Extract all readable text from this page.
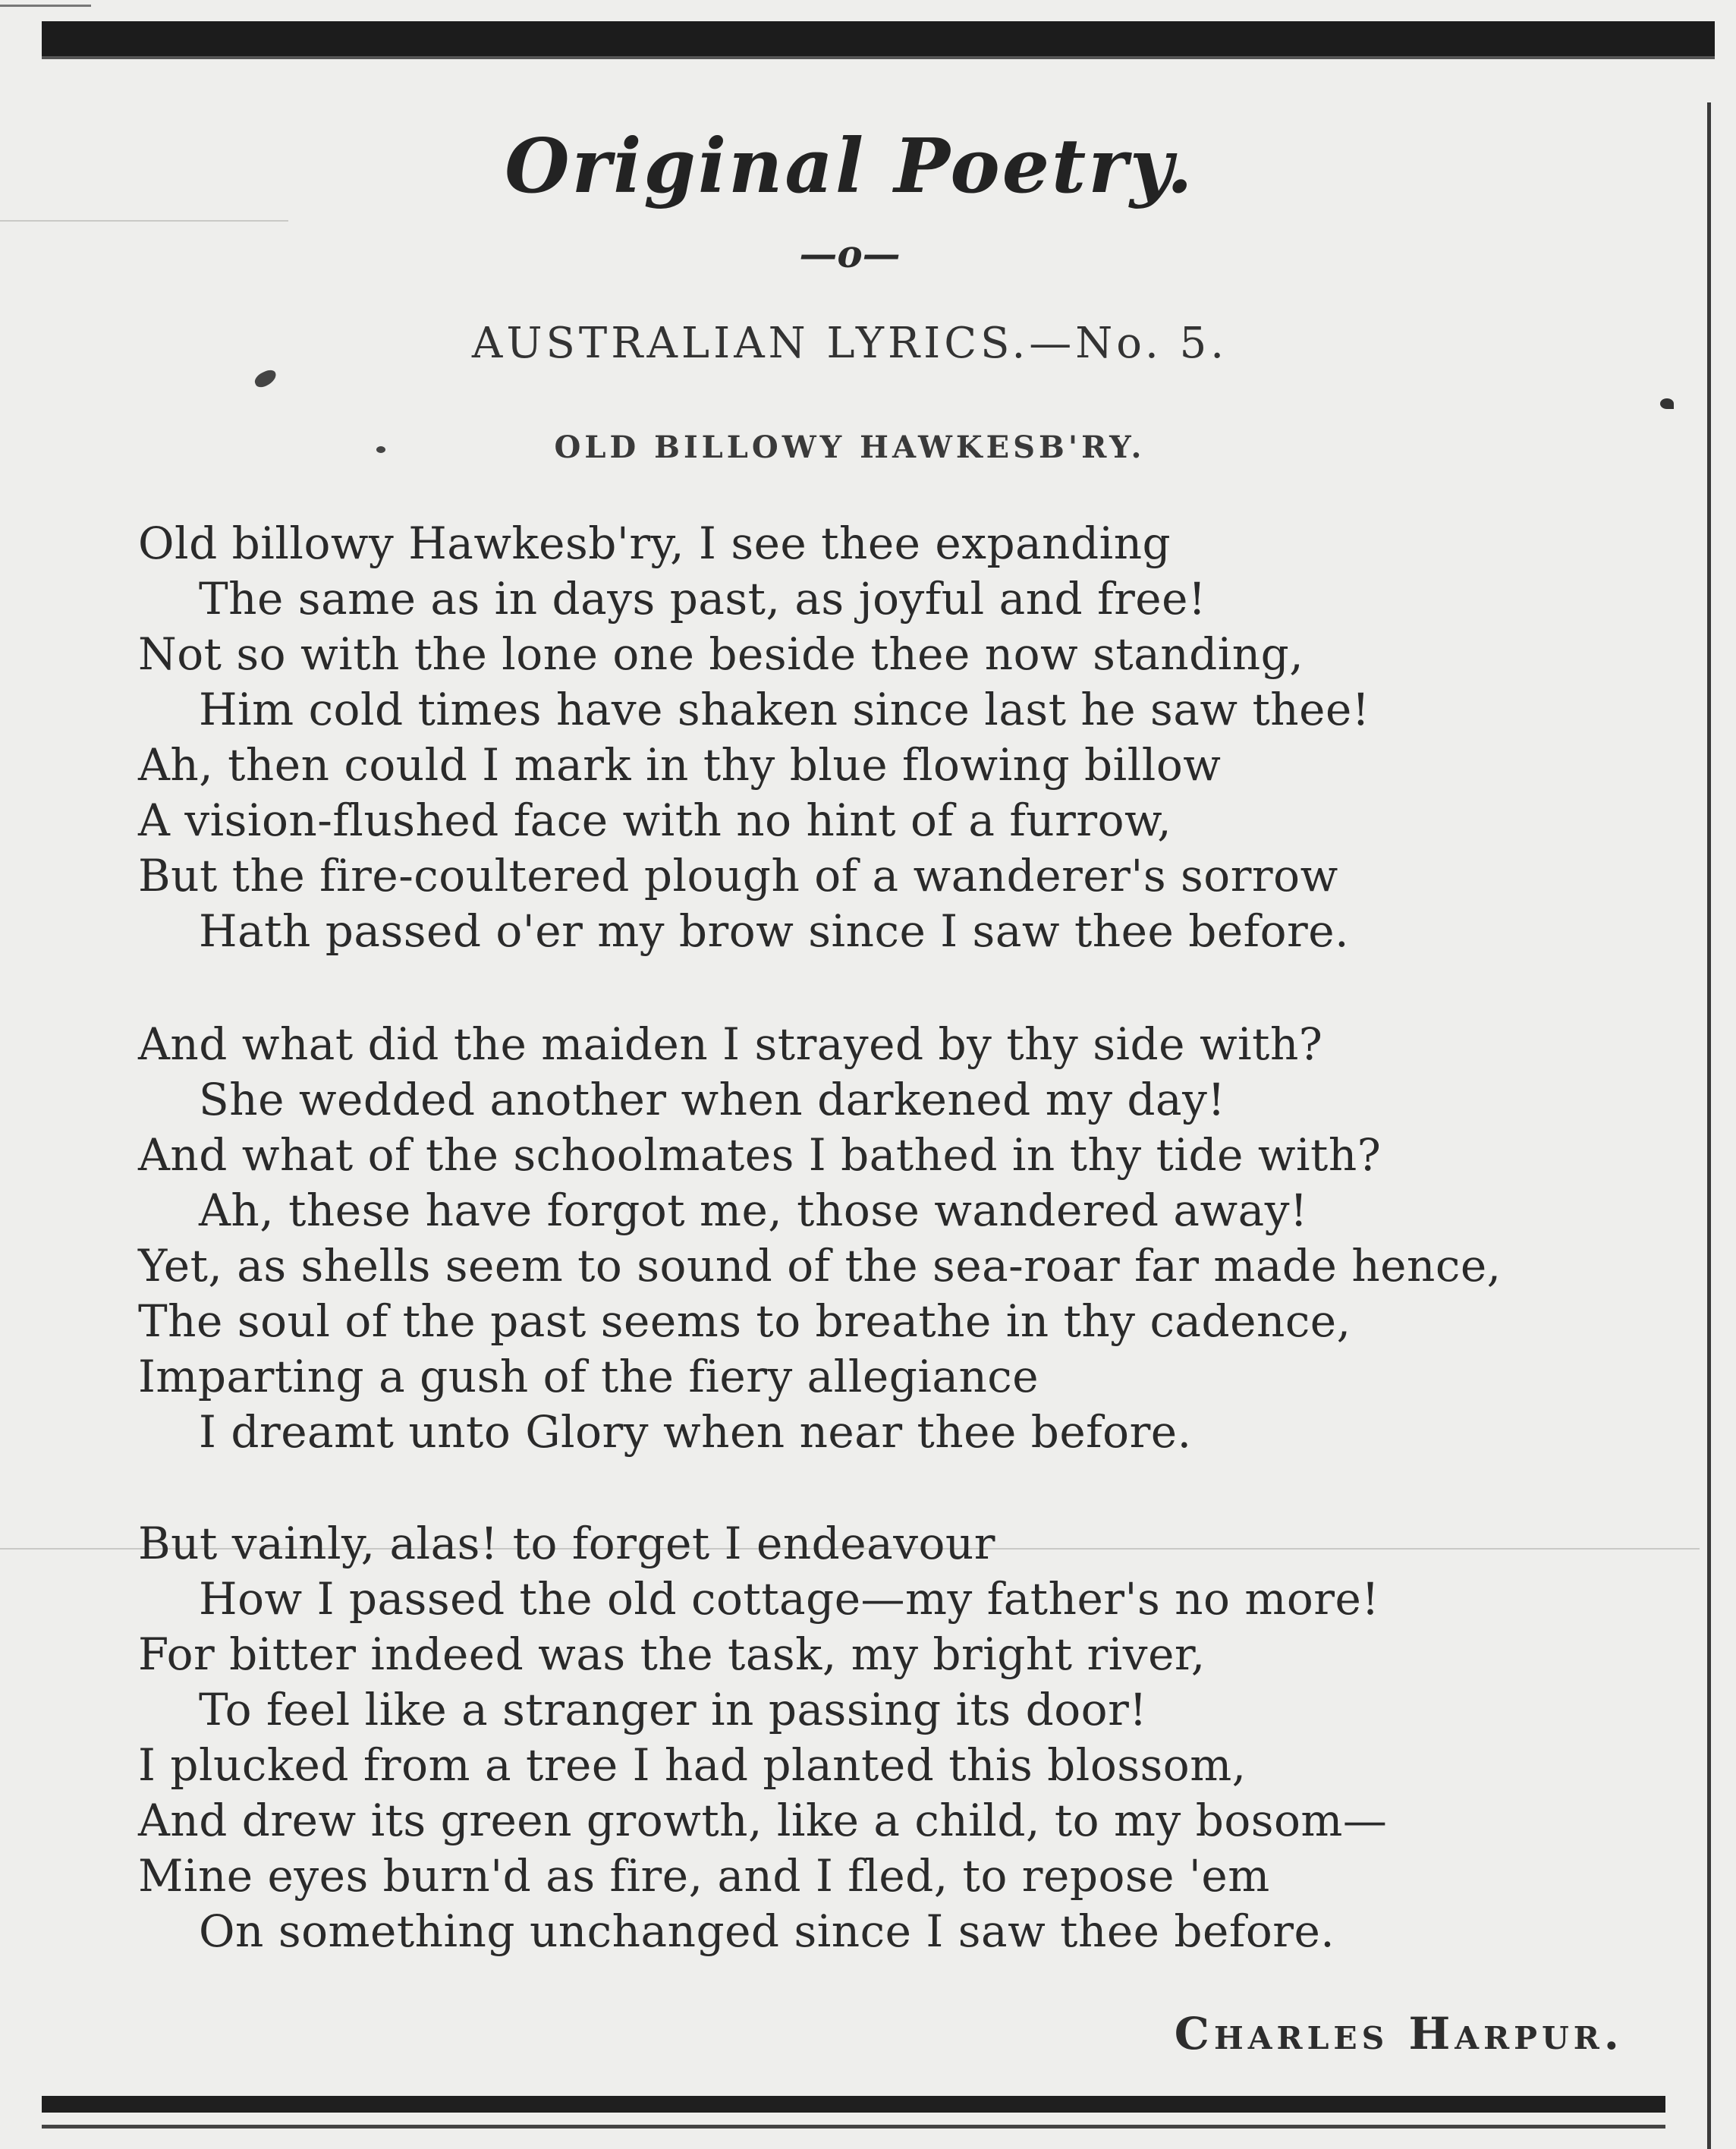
Original Poetry.
—o—
AUSTRALIAN LYRICS.—No. 5.
OLD BILLOWY HAWKESB'RY.
Old billowy Hawkesb'ry, I see thee expanding
The same as in days past, as joyful and free!
Not so with the lone one beside thee now standing,
Him cold times have shaken since last he saw thee!
Ah, then could I mark in thy blue flowing billow
A vision-flushed face with no hint of a furrow,
But the fire-coultered plough of a wanderer's sorrow
Hath passed o'er my brow since I saw thee before.
And what did the maiden I strayed by thy side with?
She wedded another when darkened my day!
And what of the schoolmates I bathed in thy tide with?
Ah, these have forgot me, those wandered away!
Yet, as shells seem to sound of the sea-roar far made hence,
The soul of the past seems to breathe in thy cadence,
Imparting a gush of the fiery allegiance
I dreamt unto Glory when near thee before.
But vainly, alas! to forget I endeavour
How I passed the old cottage—my father's no more!
For bitter indeed was the task, my bright river,
To feel like a stranger in passing its door!
I plucked from a tree I had planted this blossom,
And drew its green growth, like a child, to my bosom—
Mine eyes burn'd as fire, and I fled, to repose 'em
On something unchanged since I saw thee before.
Charles Harpur.
